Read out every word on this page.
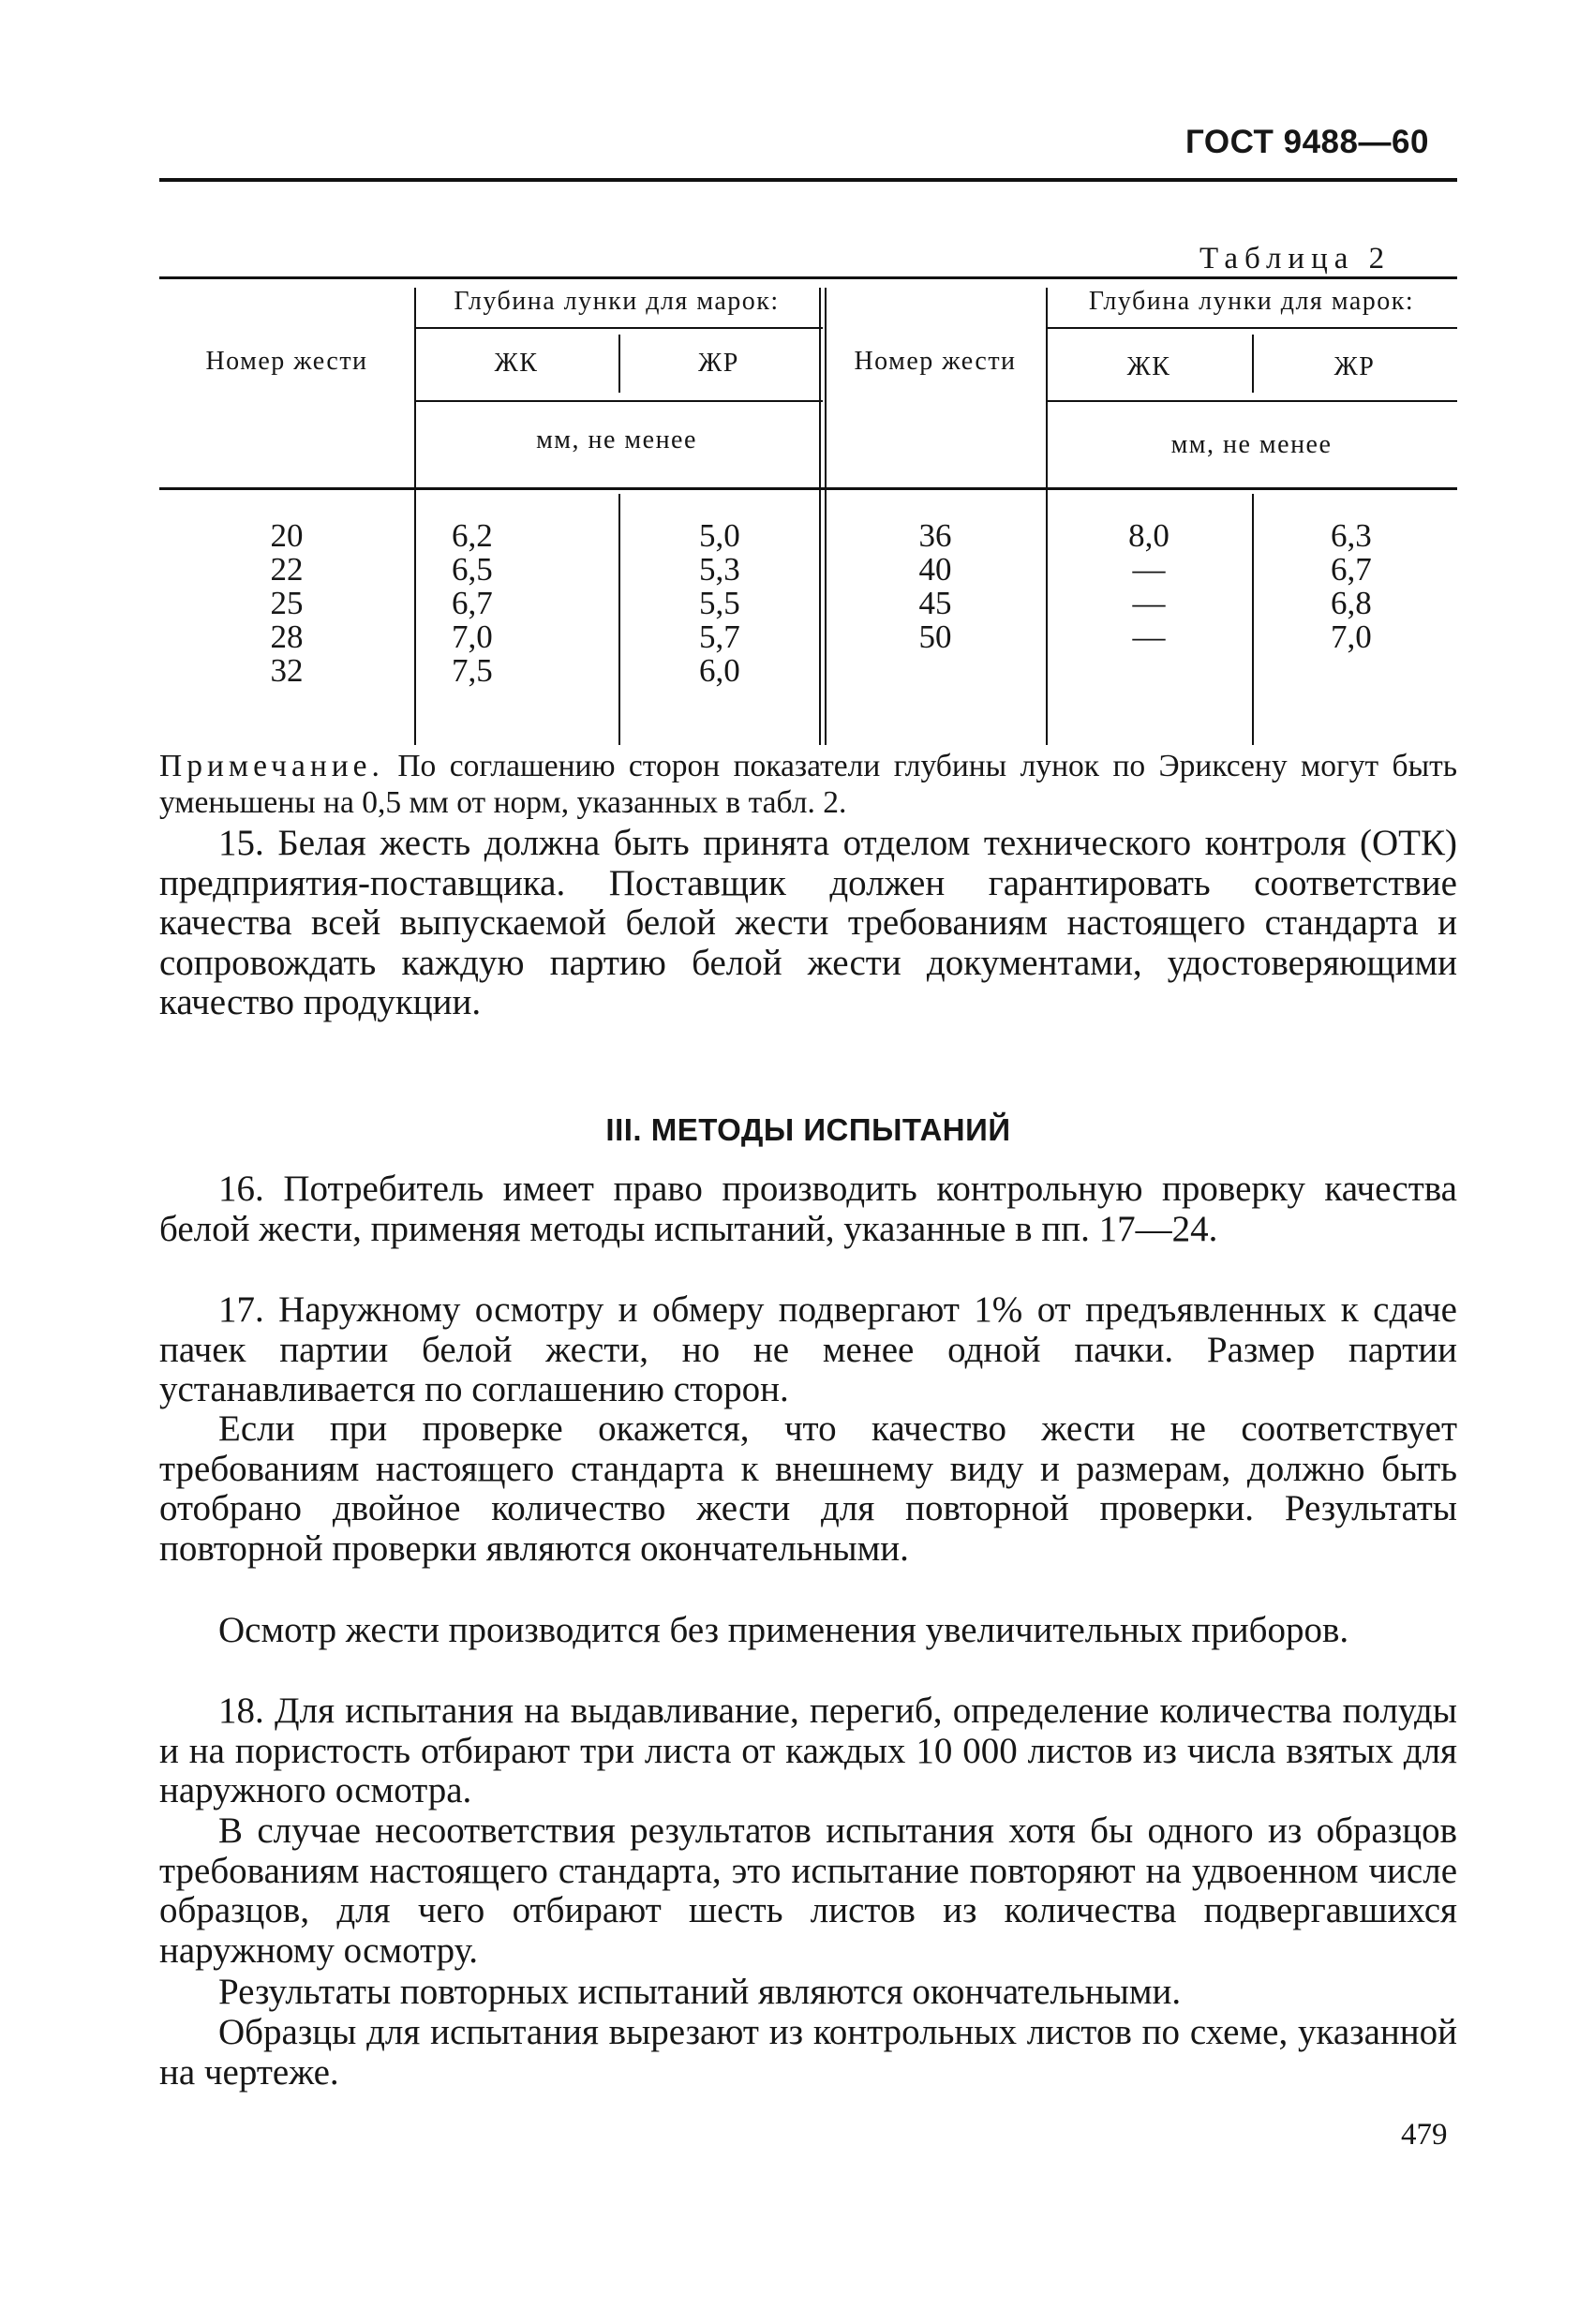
ГОСТ 9488—60
Таблица 2
Номер жести
Глубина лунки для марок:
ЖК	ЖР
мм, не менее
Номер жести
Глубина лунки для марок:
ЖК	ЖР
мм, не менее
20
22
25
28
32
6,2
6,5
6,7
7,0
7,5
5,0
5,3
5,5
5,7
6,0
36
40
45
50
8,0
—
—
—
6,3
6,7
6,8
7,0
Примечание. По соглашению сторон показатели глубины лунок по Эриксену могут быть уменьшены на 0,5 мм от норм, указанных в табл. 2.
15. Белая жесть должна быть принята отделом технического контроля (ОТК) предприятия-поставщика. Поставщик должен гарантировать соответствие качества всей выпускаемой белой жести требованиям настоящего стандарта и сопровождать каждую партию белой жести документами, удостоверяющими качество продукции.
III. МЕТОДЫ ИСПЫТАНИЙ
16. Потребитель имеет право производить контрольную проверку качества белой жести, применяя методы испытаний, указанные в пп. 17—24.
17. Наружному осмотру и обмеру подвергают 1% от предъявленных к сдаче пачек партии белой жести, но не менее одной пачки. Размер партии устанавливается по соглашению сторон.
Если при проверке окажется, что качество жести не соответствует требованиям настоящего стандарта к внешнему виду и размерам, должно быть отобрано двойное количество жести для повторной проверки. Результаты повторной проверки являются окончательными.
Осмотр жести производится без применения увеличительных приборов.
18. Для испытания на выдавливание, перегиб, определение количества полуды и на пористость отбирают три листа от каждых 10 000 листов из числа взятых для наружного осмотра.
В случае несоответствия результатов испытания хотя бы одного из образцов требованиям настоящего стандарта, это испытание повторяют на удвоенном числе образцов, для чего отбирают шесть листов из количества подвергавшихся наружному осмотру.
Результаты повторных испытаний являются окончательными.
Образцы для испытания вырезают из контрольных листов по схеме, указанной на чертеже.
479
